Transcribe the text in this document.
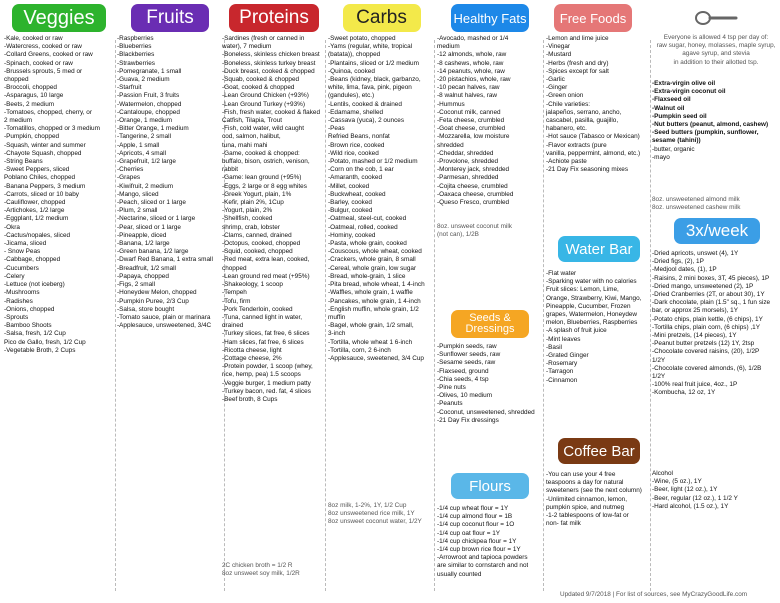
Veggies
-Kale, cooked or raw
-Watercress, cooked or raw
-Collard Greens, cooked or raw
-Spinach, cooked or raw
-Brussels sprouts, 5 med or
chopped
-Broccoli, chopped
-Asparagus, 10 large
-Beets, 2 medium
-Tomatoes, chopped, cherry, or
2 medium
-Tomatillos, chopped or 3 medium
-Pumpkin, chopped
-Squash, winter and summer
-Chayote Squash, chopped
-String Beans
-Sweet Peppers, sliced
Poblano Chiles, chopped
-Banana Peppers, 3 medium
-Carrots, sliced or 10 baby
-Cauliflower, chopped
-Artichokes, 1/2 large
-Eggplant, 1/2 medium
-Okra
-Cactus/nopales, sliced
-Jicama, sliced
- Snow Peas
-Cabbage, chopped
-Cucumbers
-Celery
-Lettuce (not iceberg)
-Mushrooms
-Radishes
-Onions, chopped
-Sprouts
-Bamboo Shoots
-Salsa, fresh, 1/2 Cup
Pico de Gallo, fresh, 1/2 Cup
-Vegetable Broth, 2 Cups
Fruits
-Raspberries
-Blueberries
-Blackberries
-Strawberries
-Pomegranate, 1 small
-Guava, 2 medium
-Starfruit
-Passion Fruit, 3 fruits
-Watermelon, chopped
-Cantaloupe, chopped
-Orange, 1 medium
-Bitter Orange, 1 medium
-Tangerine, 2 small
-Apple, 1 small
-Apricots, 4 small
-Grapefruit, 1/2 large
-Cherries
-Grapes
-Kiwifruit, 2 medium
-Mango, sliced
-Peach, sliced or 1 large
-Plum, 2 small
-Nectarine, sliced or 1 large
-Pear, sliced or 1 large
-Pineapple, diced
-Banana, 1/2 large
-Green banana, 1/2 large
-Dwarf Red Banana, 1 extra small
-Breadfruit, 1/2 small
-Papaya, chopped
-Figs, 2 small
-Honeydew Melon, chopped
-Pumpkin Puree, 2/3 Cup
-Salsa, store bought
-Tomato sauce, plain or marinara
-Applesauce, unsweetened, 3/4C
Proteins
-Sardines (fresh or canned in
water), 7 medium
-Boneless, skinless chicken breast
-Boneless, skinless turkey breast
-Duck breast, cooked & chopped
-Squab, cooked & chopped
-Goat, cooked & chopped
-Lean Ground Chicken (+93%)
-Lean Ground Turkey (+93%)
-Fish, fresh water, cooked & flaked
Catfish, Tilapia, Trout
-Fish, cold water, wild caught
cod, salmon, halibut,
tuna, mahi mahi
-Game, cooked & chopped:
buffalo, bison, ostrich, venison,
rabbit
-Game: lean ground (+95%)
-Eggs, 2 large or 8 egg whites
-Greek Yogurt, plain, 1%
-Kefir, plain 2%, 1Cup
-Yogurt, plain, 2%
-Shellfish, cooked
shrimp, crab, lobster
-Clams, canned, drained
-Octopus, cooked, chopped
-Squid, cooked, chopped
-Red meat, extra lean, cooked,
chopped
-Lean ground red meat (+95%)
-Shakeology, 1 scoop
-Tempeh
-Tofu, firm
-Pork Tenderloin, cooked
-Tuna, canned light in water,
drained
-Turkey slices, fat free, 6 slices
-Ham slices, fat free, 6 slices
-Ricotta cheese, light
-Cottage cheese, 2%
-Protein powder, 1 scoop (whey,
rice, hemp, pea) 1.5 scoops
-Veggie burger, 1 medium patty
-Turkey bacon, red. fat, 4 slices
-Beef broth, 8 Cups
2C chicken broth = 1/2 R
8oz unsweet soy milk, 1/2R
Carbs
-Sweet potato, chopped
-Yams (regular, white, tropical
(batata)), chopped
-Plantains, sliced or 1/2 medium
-Quinoa, cooked
-Beans (kidney, black, garbanzo,
white, lima, fava, pink, pigeon
(gandules), etc.)
-Lentils, cooked & drained
-Edamame, shelled
-Cassava (yuca), 2 ounces
-Peas
Refried Beans, nonfat
-Brown rice, cooked
-Wild rice, cooked
-Potato, mashed or 1/2 medium
-Corn on the cob, 1 ear
-Amaranth, cooked
-Millet, cooked
-Buckwheat, cooked
-Barley, cooked
-Bulgur, cooked
-Oatmeal, steel-cut, cooked
-Oatmeal, rolled, cooked
-Hominy, cooked
-Pasta, whole grain, cooked
-Couscous, whole wheat, cooked
-Crackers, whole grain, 8 small
-Cereal, whole grain, low sugar
-Bread, whole-grain, 1 slice
-Pita bread, whole wheat, 1 4-inch
-Waffles, whole grain, 1 waffle
-Pancakes, whole grain, 1 4-inch
-English muffin, whole grain, 1/2
muffin
-Bagel, whole grain, 1/2 small,
3-inch
-Tortilla, whole wheat 1 6-inch
-Tortilla, corn, 2 6-inch
-Applesauce, sweetened, 3/4 Cup
8oz milk, 1-2%, 1Y, 1/2 Cup
8oz unsweetened rice milk, 1Y
8oz unsweet coconut water, 1/2Y
Healthy Fats
-Avocado, mashed or 1/4
medium
-12 almonds, whole, raw
-8 cashews, whole, raw
-14 peanuts, whole, raw
-20 pistachios, whole, raw
-10 pecan halves, raw
-8 walnut halves, raw
-Hummus
-Coconut milk, canned
-Feta cheese, crumbled
-Goat cheese, crumbled
-Mozzarella, low moisture
shredded
-Cheddar, shredded
-Provolone, shredded
-Monterey jack, shredded
-Parmesan, shredded
-Cojita cheese, crumbled
-Oaxaca cheese, crumbled
-Queso Fresco, crumbled
8oz. unsweet coconut milk
(not can), 1/2B
Seeds & Dressings
-Pumpkin seeds, raw
-Sunflower seeds, raw
-Sesame seeds, raw
-Flaxseed, ground
-Chia seeds, 4 tsp
-Pine nuts
-Olives, 10 medium
-Peanuts
-Coconut, unsweetened, shredded
-21 Day Fix dressings
Flours
-1/4 cup wheat flour = 1Y
-1/4 cup almond flour = 1B
-1/4 cup coconut flour = 1O
-1/4 cup oat flour = 1Y
-1/4 cup chickpea flour = 1Y
-1/4 cup brown rice flour = 1Y
-Arrowroot and tapioca powders
are similar to cornstarch and not
usually counted
Free Foods
-Lemon and lime juice
-Vinegar
-Mustard
-Herbs (fresh and dry)
-Spices except for salt
-Garlic
-Ginger
-Green onion
-Chile varieties:
jalapeños, serrano, ancho,
cascabel, pasilla, guajillo,
habanero, etc.
-Hot sauce (Tabasco or Mexican)
-Flavor extracts (pure
vanilla, peppermint, almond, etc.)
-Achiote paste
-21 Day Fix seasoning mixes
Water Bar
-Flat water
-Sparking water with no calories
Fruit slices: Lemon, Lime,
Orange, Strawberry, Kiwi, Mango,
Pineapple, Cucumber, Frozen
grapes, Watermelon, Honeydew
melon, Blueberries, Raspberries
-A splash of fruit juice
-Mint leaves
-Basil
-Grated Ginger
-Rosemary
-Tarragon
-Cinnamon
Coffee Bar
-You can use your 4 free
teaspoons a day for natural
sweeteners (see the next column)
-Unlimited cinnamon, lemon,
pumpkin spice, and nutmeg
-1-2 tablespoons of low-fat or
non- fat milk
Everyone is allowed 4 tsp per day of:
raw sugar, honey, molasses, maple syrup,
agave syrup, and stevia
in addition to their allotted tsp.
-Extra-virgin olive oil
-Extra-virgin coconut oil
-Flaxseed oil
-Walnut oil
-Pumpkin seed oil
-Nut butters (peanut, almond, cashew)
-Seed butters (pumpkin, sunflower,
sesame (tahini))
-butter, organic
-mayo
8oz. unsweetened almond milk
8oz. unsweetened cashew milk
3x/week
-Dried apricots, unswet (4), 1Y
-Dried figs, (2), 1P
-Medjool dates, (1), 1P
-Raisins, 2 mini boxes, 3T, 45 pieces), 1P
-Dried mango, unsweetened (2), 1P
-Dried Cranberries (2T, or about 30), 1Y
-Dark chocolate, plain (1.5" sq., 1 fun size
bar, or approx 25 morsels), 1Y
-Potato chips, plain kettle, (6 chips), 1Y
-Tortilla chips, plain corn, (6 chips) ,1Y
-Mini pretzels, (14 pieces), 1Y
-Peanut butter pretzels (12) 1Y, 2tsp
-Chocolate covered raisins, (20), 1/2P
1/2Y
-Chocolate covered almonds, (6), 1/2B
1/2Y
-100% real fruit juice, 4oz., 1P
-Kombucha, 12 oz, 1Y
Alcohol
-Wine, (5 oz.), 1Y
-Beer, light (12 oz.), 1Y
-Beer, regular (12 oz.), 1 1/2 Y
-Hard alcohol, (1.5 oz.), 1Y
Updated 9/7/2018 | For list of sources, see MyCrazyGoodLife.com
